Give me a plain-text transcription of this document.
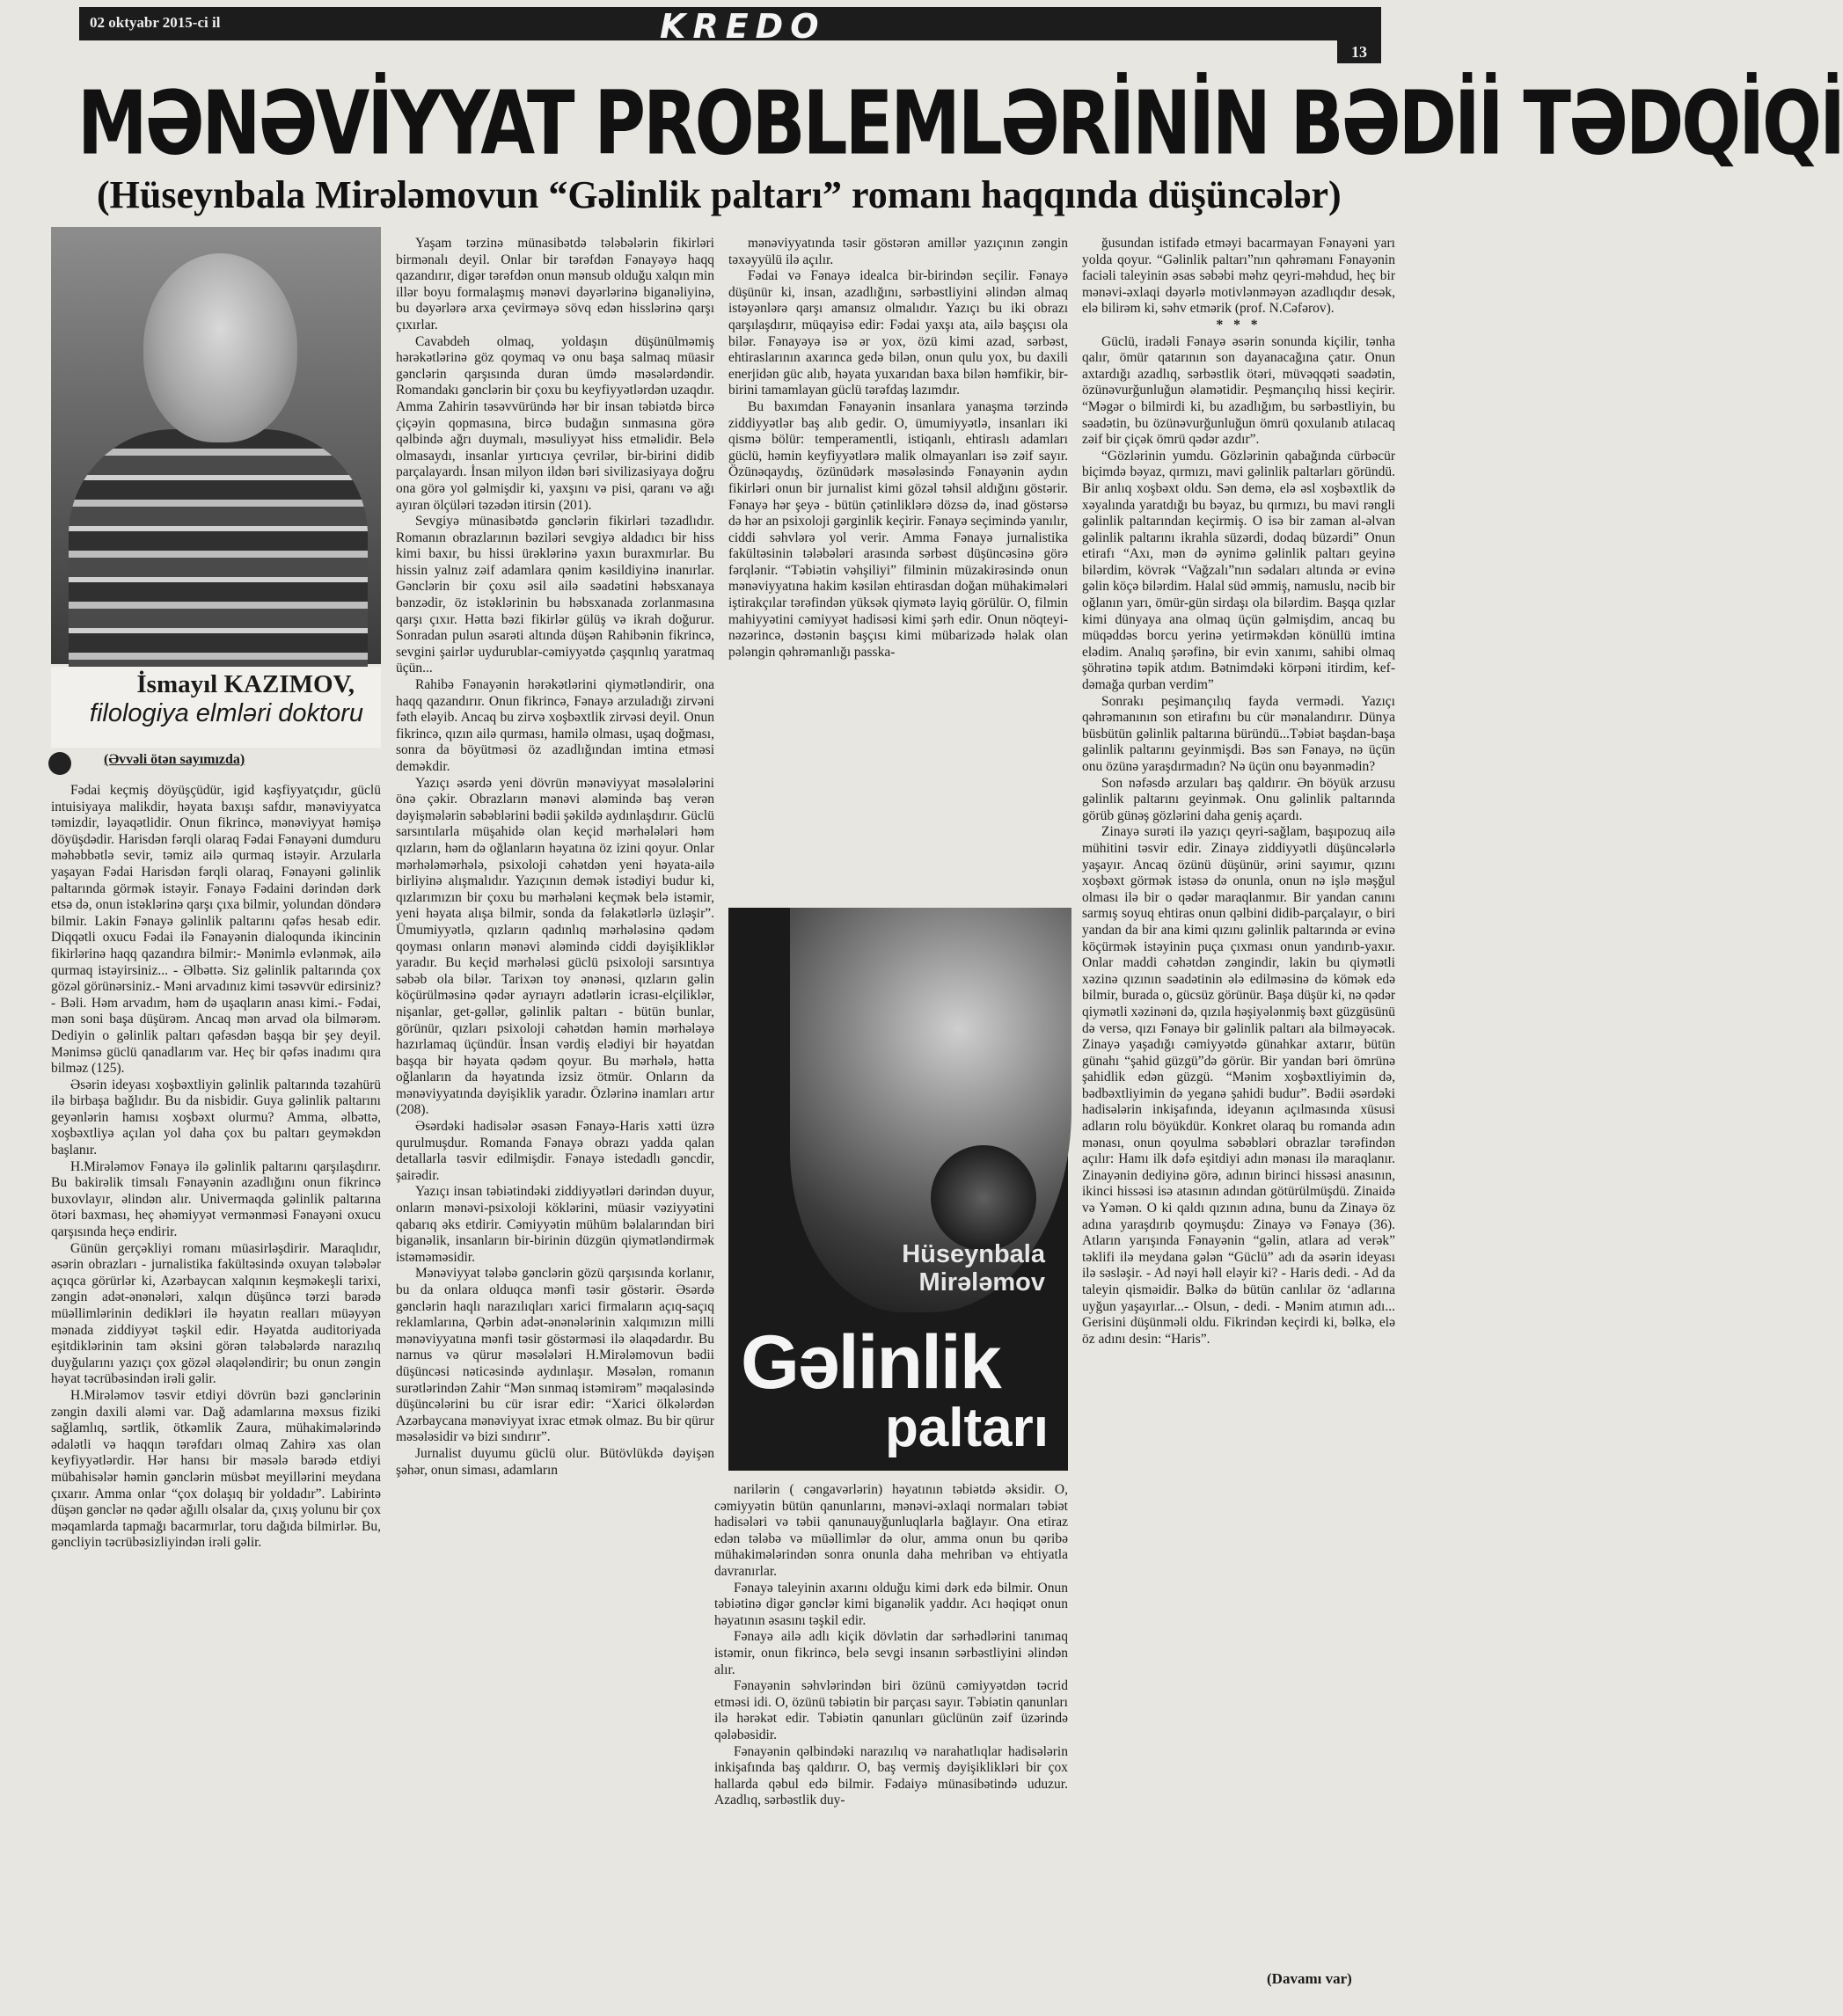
02 oktyabr 2015-ci il	KREDO
13
MƏNƏVİYYAT PROBLEMLƏRİNİN BƏDİİ TƏDQİQİ
(Hüseynbala Mirələmovun “Gəlinlik paltarı” romanı haqqında düşüncələr)
İsmayıl KAZIMOV,
filologiya elmləri doktoru
(Əvvəli ötən sayımızda)

Fədai keçmiş döyüşçüdür, igid kəşfiyyatçıdır, güclü intuisiyaya malikdir, həyata baxışı safdır, mənəviyyatca təmizdir, ləyaqətlidir. Onun fikrincə, mənəviyyat həmişə döyüşdədir. Harisdən fərqli olaraq Fədai Fənayəni dumduru məhəbbətlə sevir, təmiz ailə qurmaq istəyir. Arzularla yaşayan Fədai Harisdən fərqli olaraq, Fənayəni gəlinlik paltarında görmək istəyir. Fənayə Fədaini dərindən dərk etsə də, onun istəklərinə qarşı çıxa bilmir, yolundan döndərə bilmir. Lakin Fənayə gəlinlik paltarını qəfəs hesab edir. Diqqətli oxucu Fədai ilə Fənayənin dialoqunda ikincinin fikirlərinə haqq qazandıra bilmir:- Mənimlə evlənmək, ailə qurmaq istəyirsiniz... - Əlbəttə. Siz gəlinlik paltarında çox gözəl görünərsiniz.- Məni arvadınız kimi təsəvvür edirsiniz? - Bəli. Həm arvadım, həm də uşaqların anası kimi.- Fədai, mən soni başa düşürəm. Ancaq mən arvad ola bilmərəm. Dediyin o gəlinlik paltarı qəfəsdən başqa bir şey deyil. Mənimsə güclü qanadlarım var. Heç bir qəfəs inadımı qıra bilməz (125).

Əsərin ideyası xoşbəxtliyin gəlinlik paltarında təzahürü ilə birbaşa bağlıdır. Bu da nisbidir. Guya gəlinlik paltarını geyənlərin hamısı xoşbəxt olurmu? Amma, əlbəttə, xoşbəxtliyə açılan yol daha çox bu paltarı geyməkdən başlanır.

H.Mirələmov Fənayə ilə gəlinlik paltarını qarşılaşdırır. Bu bakirəlik timsalı Fənayənin azadlığını onun fikrincə buxovlayır, əlindən alır. Univermaqda gəlinlik paltarına ötəri baxması, heç əhəmiyyət vermənməsi Fənayəni oxucu qarşısında heçə endirir.

Günün gerçəkliyi romanı müasirləşdirir. Maraqlıdır, əsərin obrazları - jurnalistika fakültəsində oxuyan tələbələr açıqca görürlər ki, Azərbaycan xalqının keşməkeşli tarixi, zəngin adət-ənənələri, xalqın düşüncə tərzi barədə müəllimlərinin dedikləri ilə həyatın realları müəyyən mənada ziddiyyət təşkil edir. Həyatda auditoriyada eşitdiklərinin tam əksini görən tələbələrdə narazılıq duyğularını yazıçı çox gözəl əlaqələndirir; bu onun zəngin həyat təcrübəsindən irəli gəlir.

H.Mirələmov təsvir etdiyi dövrün bəzi gənclərinin zəngin daxili aləmi var. Dağ adamlarına məxsus fiziki sağlamlıq, sərtlik, ötkəmlik Zaura, mühakimələrində ədalətli və haqqın tərəfdarı olmaq Zahirə xas olan keyfiyyətlərdir. Hər hansı bir məsələ barədə etdiyi mübahisələr həmin gənclərin müsbət meyillərini meydana çıxarır. Amma onlar “çox dolaşıq bir yoldadır”. Labirintə düşən gənclər nə qədər ağıllı olsalar da, çıxış yolunu bir çox məqamlarda tapmağı bacarmırlar, toru dağıda bilmirlər. Bu, gəncliyin təcrübəsizliyindən irəli gəlir.

Yaşam tərzinə münasibətdə tələbələrin fikirləri birmənalı deyil. Onlar bir tərəfdən Fənayəyə haqq qazandırır, digər tərəfdən onun mənsub olduğu xalqın min illər boyu formalaşmış mənəvi dəyərlərinə biganəliyinə, bu dəyərlərə arxa çevirməyə sövq edən hisslərinə qarşı çıxırlar.

Cavabdeh olmaq, yoldaşın düşünülməmiş hərəkətlərinə göz qoymaq və onu başa salmaq müasir gənclərin qarşısında duran ümdə məsələrdəndir. Romandakı gənclərin bir çoxu bu keyfiyyətlərdən uzaqdır. Amma Zahirin təsəvvüründə hər bir insan təbiətdə bircə çiçəyin qopmasına, bircə budağın sınmasına görə qəlbində ağrı duymalı, məsuliyyət hiss etməlidir. Belə olmasaydı, insanlar yırtıcıya çevrilər, bir-birini didib parçalayardı. İnsan milyon ildən bəri sivilizasiyaya doğru ona görə yol gəlmişdir ki, yaxşını və pisi, qaranı və ağı ayıran ölçüləri təzədən itirsin (201).

Sevgiyə münasibətdə gənclərin fikirləri təzadlıdır. Romanın obrazlarının bəziləri sevgiyə aldadıcı bir hiss kimi baxır, bu hissi ürəklərinə yaxın buraxmırlar. Bu hissin yalnız zəif adamlara qənim kəsildiyinə inanırlar. Gənclərin bir çoxu əsil ailə səadətini həbsxanaya bənzədir, öz istəklərinin bu həbsxanada zorlanmasına qarşı çıxır. Hətta bəzi fikirlər gülüş və ikrah doğurur. Sonradan pulun əsarəti altında düşən Rahibənin fikrincə, sevgini şairlər uydurublar-cəmiyyətdə çaşqınlıq yaratmaq üçün...

Rahibə Fənayənin hərəkətlərini qiymətləndirir, ona haqq qazandırır. Onun fikrincə, Fənayə arzuladığı zirvəni fəth eləyib. Ancaq bu zirvə xoşbəxtlik zirvəsi deyil. Onun fikrincə, qızın ailə qurması, hamilə olması, uşaq doğması, sonra da böyütməsi öz azadlığından imtina etməsi deməkdir.

Yazıçı əsərdə yeni dövrün mənəviyyat məsələlərini önə çəkir. Obrazların mənəvi aləmində baş verən dəyişmələrin səbəblərini bədii şəkildə aydınlaşdırır. Güclü sarsıntılarla müşahidə olan keçid mərhələləri həm qızların, həm də oğlanların həyatına öz izini qoyur. Onlar mərhələmərhələ, psixoloji cəhətdən yeni həyata-ailə birliyinə alışmalıdır. Yazıçının demək istədiyi budur ki, qızlarımızın bir çoxu bu mərhələni keçmək belə istəmir, yeni həyata alışa bilmir, sonda da fəlakətlərlə üzləşir”. Ümumiyyətlə, qızların qadınlıq mərhələsinə qədəm qoyması onların mənəvi aləmində ciddi dəyişikliklər yaradır. Bu keçid mərhələsi güclü psixoloji sarsıntıya səbəb ola bilər. Tarixən toy ənənəsi, qızların gəlin köçürülməsinə qədər ayrıayrı adətlərin icrası-elçiliklər, nişanlar, get-gəllər, gəlinlik paltarı - bütün bunlar, görünür, qızları psixoloji cəhətdən həmin mərhələyə hazırlamaq üçündür. İnsan vərdiş elədiyi bir həyatdan başqa bir həyata qədəm qoyur. Bu mərhələ, hətta oğlanların da həyatında izsiz ötmür. Onların da mənəviyyatında dəyişiklik yaradır. Özlərinə inamları artır (208).

Əsərdəki hadisələr əsasən Fənayə-Haris xətti üzrə qurulmuşdur. Romanda Fənayə obrazı yadda qalan detallarla təsvir edilmişdir. Fənayə istedadlı gəncdir, şairədir.

Yazıçı insan təbiətindəki ziddiyyətləri dərindən duyur, onların mənəvi-psixoloji köklərini, müasir vəziyyətini qabarıq əks etdirir. Cəmiyyətin mühüm bəlalarından biri biganəlik, insanların bir-birinin düzgün qiymətləndirmək istəməməsidir.

Mənəviyyat tələbə gənclərin gözü qarşısında korlanır, bu da onlara olduqca mənfi təsir göstərir. Əsərdə gənclərin haqlı narazılıqları xarici firmaların açıq-saçıq reklamlarına, Qərbin adət-ənənələrinin xalqımızın milli mənəviyyatına mənfi təsir göstərməsi ilə əlaqədardır. Bu narnus və qürur məsələləri H.Mirələmovun bədii düşüncəsi nəticəsində aydınlaşır. Məsələn, romanın surətlərindən Zahir “Mən sınmaq istəmirəm” məqaləsində düşüncələrini bu cür israr edir: “Xarici ölkələrdən Azərbaycana mənəviyyat ixrac etmək olmaz. Bu bir qürur məsələsidir və bizi sındırır”.

Jurnalist duyumu güclü olur. Bütövlükdə dəyişən şəhər, onun siması, adamların

mənəviyyatında təsir göstərən amillər yazıçının zəngin təxəyyülü ilə açılır.

Fədai və Fənayə idealca bir-birindən seçilir. Fənayə düşünür ki, insan, azadlığını, sərbəstliyini əlindən almaq istəyənlərə qarşı amansız olmalıdır. Yazıçı bu iki obrazı qarşılaşdırır, müqayisə edir: Fədai yaxşı ata, ailə başçısı ola bilər. Fənayəyə isə ər yox, özü kimi azad, sərbəst, ehtiraslarının axarınca gedə bilən, onun qulu yox, bu daxili enerjidən güc alıb, həyata yuxarıdan baxa bilən həmfikir, bir-birini tamamlayan güclü tərəfdaş lazımdır.

Bu baxımdan Fənayənin insanlara yanaşma tərzində ziddiyyətlər baş alıb gedir. O, ümumiyyətlə, insanları iki qismə bölür: temperamentli, istiqanlı, ehtiraslı adamları güclü, həmin keyfiyyətlərə malik olmayanları isə zəif sayır. Özünəqaydış, özünüdərk məsələsində Fənayənin aydın fikirləri onun bir jurnalist kimi gözəl təhsil aldığını göstərir. Fənayə hər şeyə - bütün çətinliklərə dözsə də, inad göstərsə də hər an psixoloji gərginlik keçirir. Fənayə seçimində yanılır, ciddi səhvlərə yol verir. Amma Fənayə jurnalistika fakültəsinin tələbələri arasında sərbəst düşüncəsinə görə fərqlənir. “Təbiətin vəhşiliyi” filminin müzakirəsində onun mənəviyyatına hakim kəsilən ehtirasdan doğan mühakimələri iştirakçılar tərəfindən yüksək qiymətə layiq görülür. O, filmin mahiyyətini cəmiyyət hadisəsi kimi şərh edir. Onun nöqteyi-nəzərincə, dəstənin başçısı kimi mübarizədə həlak olan pələngin qəhrəmanlığı passka-

Hüseynbala
Mirələmov
Gəlinlik
paltarı

narilərin ( cəngavərlərin) həyatının təbiətdə əksidir. O, cəmiyyətin bütün qanunlarını, mənəvi-əxlaqi normaları təbiət hadisələri və təbii qanunauyğunluqlarla bağlayır. Ona etiraz edən tələbə və müəllimlər də olur, amma onun bu qəribə mühakimələrindən sonra onunla daha mehriban və ehtiyatla davranırlar.

Fənayə taleyinin axarını olduğu kimi dərk edə bilmir. Onun təbiətinə digər gənclər kimi biganəlik yaddır. Acı həqiqət onun həyatının əsasını təşkil edir.

Fənayə ailə adlı kiçik dövlətin dar sərhədlərini tanımaq istəmir, onun fikrincə, belə sevgi insanın sərbəstliyini əlindən alır.

Fənayənin səhvlərindən biri özünü cəmiyyətdən təcrid etməsi idi. O, özünü təbiətin bir parçası sayır. Təbiətin qanunları ilə hərəkət edir. Təbiətin qanunları güclünün zəif üzərində qələbəsidir.

Fənayənin qəlbindəki narazılıq və narahatlıqlar hadisələrin inkişafında baş qaldırır. O, baş vermiş dəyişiklikləri bir çox hallarda qəbul edə bilmir. Fədaiyə münasibətində uduzur. Azadlıq, sərbəstlik duy-

ğusundan istifadə etməyi bacarmayan Fənayəni yarı yolda qoyur. “Gəlinlik paltarı”nın qəhrəmanı Fənayənin faciəli taleyinin əsas səbəbi məhz qeyri-məhdud, heç bir mənəvi-əxlaqi dəyərlə motivlənməyən azadlıqdır desək, elə bilirəm ki, səhv etmərik (prof. N.Cəfərov).

* * *

Güclü, iradəli Fənayə əsərin sonunda kiçilir, tənha qalır, ömür qatarının son dayanacağına çatır. Onun axtardığı azadlıq, sərbəstlik ötəri, müvəqqəti səadətin, özünəvurğunluğun əlamətidir. Peşmançılıq hissi keçirir. “Məgər o bilmirdi ki, bu azadlığım, bu sərbəstliyin, bu səadətin, bu özünəvurğunluğun ömrü qoxulanıb atılacaq zəif bir çiçək ömrü qədər azdır”.

“Gözlərinin yumdu. Gözlərinin qabağında cürbəcür biçimdə bəyaz, qırmızı, mavi gəlinlik paltarları göründü. Bir anlıq xoşbəxt oldu. Sən demə, elə əsl xoşbəxtlik də xəyalında yaratdığı bu bəyaz, bu qırmızı, bu mavi rəngli gəlinlik paltarından keçirmiş. O isə bir zaman al-əlvan gəlinlik paltarını ikrahla süzərdi, dodaq büzərdi” Onun etirafı “Axı, mən də əynimə gəlinlik paltarı geyinə bilərdim, kövrək “Vağzalı”nın sədaları altında ər evinə gəlin köçə bilərdim. Halal süd əmmiş, namuslu, nəcib bir oğlanın yarı, ömür-gün sirdaşı ola bilərdim. Başqa qızlar kimi dünyaya ana olmaq üçün gəlmişdim, ancaq bu müqəddəs borcu yerinə yetirməkdən könüllü imtina elədim. Analıq şərəfinə, bir evin xanımı, sahibi olmaq şöhrətinə təpik atdım. Bətnimdəki körpəni itirdim, kef-dəmağa qurban verdim”

Sonrakı peşimançılıq fayda vermədi. Yazıçı qəhrəmanının son etirafını bu cür mənalandırır. Dünya büsbütün gəlinlik paltarına büründü...Təbiət başdan-başa gəlinlik paltarını geyinmişdi. Bəs sən Fənayə, nə üçün onu özünə yaraşdırmadın? Nə üçün onu bəyənmədin?

Son nəfəsdə arzuları baş qaldırır. Ən böyük arzusu gəlinlik paltarını geyinmək. Onu gəlinlik paltarında görüb günəş gözlərini daha geniş açardı.

Zinayə surəti ilə yazıçı qeyri-sağlam, başıpozuq ailə mühitini təsvir edir. Zinayə ziddiyyətli düşüncələrlə yaşayır. Ancaq özünü düşünür, ərini sayımır, qızını xoşbəxt görmək istəsə də onunla, onun nə işlə məşğul olması ilə bir o qədər maraqlanmır. Bir yandan canını sarmış soyuq ehtiras onun qəlbini didib-parçalayır, o biri yandan da bir ana kimi qızını gəlinlik paltarında ər evinə köçürmək istəyinin puça çıxması onun yandırıb-yaxır. Onlar maddi cəhətdən zəngindir, lakin bu qiymətli xəzinə qızının səadətinin ələ edilməsinə də kömək edə bilmir, burada o, gücsüz görünür. Başa düşür ki, nə qədər qiymətli xəzinəni də, qızıla həşiyələnmiş bəxt güzgüsünü də versə, qızı Fənayə bir gəlinlik paltarı ala bilməyəcək. Zinayə yaşadığı cəmiyyətdə günahkar axtarır, bütün günahı “şahid güzgü”də görür. Bir yandan bəri ömrünə şahidlik edən güzgü. “Mənim xoşbəxtliyimin də, bədbəxtliyimin də yeganə şahidi budur”. Bədii əsərdəki hadisələrin inkişafında, ideyanın açılmasında xüsusi adların rolu böyükdür. Konkret olaraq bu romanda adın mənası, onun qoyulma səbəbləri obrazlar tərəfindən açılır: Hamı ilk dəfə eşitdiyi adın mənası ilə maraqlanır. Zinayənin dediyinə görə, adının birinci hissəsi anasının, ikinci hissəsi isə atasının adından götürülmüşdü. Zinaidə və Yəmən. O ki qaldı qızının adına, bunu da Zinayə öz adına yaraşdırıb qoymuşdu: Zinayə və Fənayə (36). Atların yarışında Fənayənin “gəlin, atlara ad verək” təklifi ilə meydana gələn “Güclü” adı da əsərin ideyası ilə səsləşir. - Ad nəyi həll eləyir ki? - Haris dedi. - Ad da taleyin qisməidir. Bəlkə də bütün canlılar öz ‘adlarına uyğun yaşayırlar...- Olsun, - dedi. - Mənim atımın adı... Gerisini düşünməli oldu. Fikrindən keçirdi ki, bəlkə, elə öz adını desin: “Haris”.

(Davamı var)
